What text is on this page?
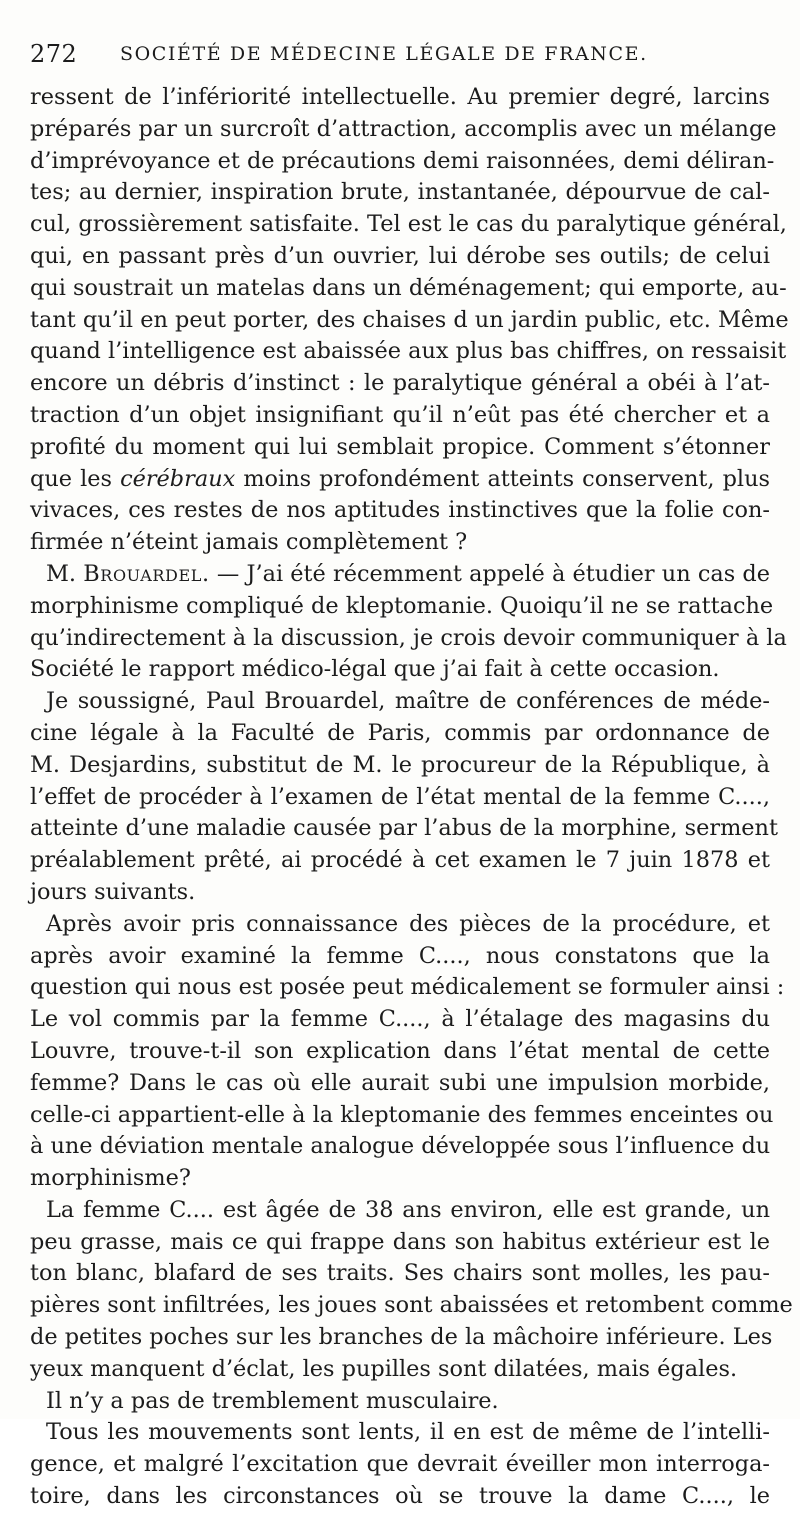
272 SOCIÉTÉ DE MÉDECINE LÉGALE DE FRANCE.
ressent de l’infériorité intellectuelle. Au premier degré, larcins
préparés par un surcroît d’attraction, accomplis avec un mélange
d’imprévoyance et de précautions demi raisonnées, demi déliran-
tes; au dernier, inspiration brute, instantanée, dépourvue de cal-
cul, grossièrement satisfaite. Tel est le cas du paralytique général,
qui, en passant près d’un ouvrier, lui dérobe ses outils; de celui
qui soustrait un matelas dans un déménagement; qui emporte, au-
tant qu’il en peut porter, des chaises d un jardin public, etc. Même
quand l’intelligence est abaissée aux plus bas chiffres, on ressaisit
encore un débris d’instinct : le paralytique général a obéi à l’at-
traction d’un objet insignifiant qu’il n’eût pas été chercher et a
profité du moment qui lui semblait propice. Comment s’étonner
que les cérébraux moins profondément atteints conservent, plus
vivaces, ces restes de nos aptitudes instinctives que la folie con-
firmée n’éteint jamais complètement ?
M. Brouardel. — J’ai été récemment appelé à étudier un cas de
morphinisme compliqué de kleptomanie. Quoiqu’il ne se rattache
qu’indirectement à la discussion, je crois devoir communiquer à la
Société le rapport médico-légal que j’ai fait à cette occasion.
Je soussigné, Paul Brouardel, maître de conférences de méde-
cine légale à la Faculté de Paris, commis par ordonnance de
M. Desjardins, substitut de M. le procureur de la République, à
l’effet de procéder à l’examen de l’état mental de la femme C....,
atteinte d’une maladie causée par l’abus de la morphine, serment
préalablement prêté, ai procédé à cet examen le 7 juin 1878 et
jours suivants.
Après avoir pris connaissance des pièces de la procédure, et
après avoir examiné la femme C...., nous constatons que la
question qui nous est posée peut médicalement se formuler ainsi :
Le vol commis par la femme C...., à l’étalage des magasins du
Louvre, trouve-t-il son explication dans l’état mental de cette
femme? Dans le cas où elle aurait subi une impulsion morbide,
celle-ci appartient-elle à la kleptomanie des femmes enceintes ou
à une déviation mentale analogue développée sous l’influence du
morphinisme?
La femme C.... est âgée de 38 ans environ, elle est grande, un
peu grasse, mais ce qui frappe dans son habitus extérieur est le
ton blanc, blafard de ses traits. Ses chairs sont molles, les pau-
pières sont infiltrées, les joues sont abaissées et retombent comme
de petites poches sur les branches de la mâchoire inférieure. Les
yeux manquent d’éclat, les pupilles sont dilatées, mais égales.
Il n’y a pas de tremblement musculaire.
Tous les mouvements sont lents, il en est de même de l’intelli-
gence, et malgré l’excitation que devrait éveiller mon interroga-
toire, dans les circonstances où se trouve la dame C...., le
